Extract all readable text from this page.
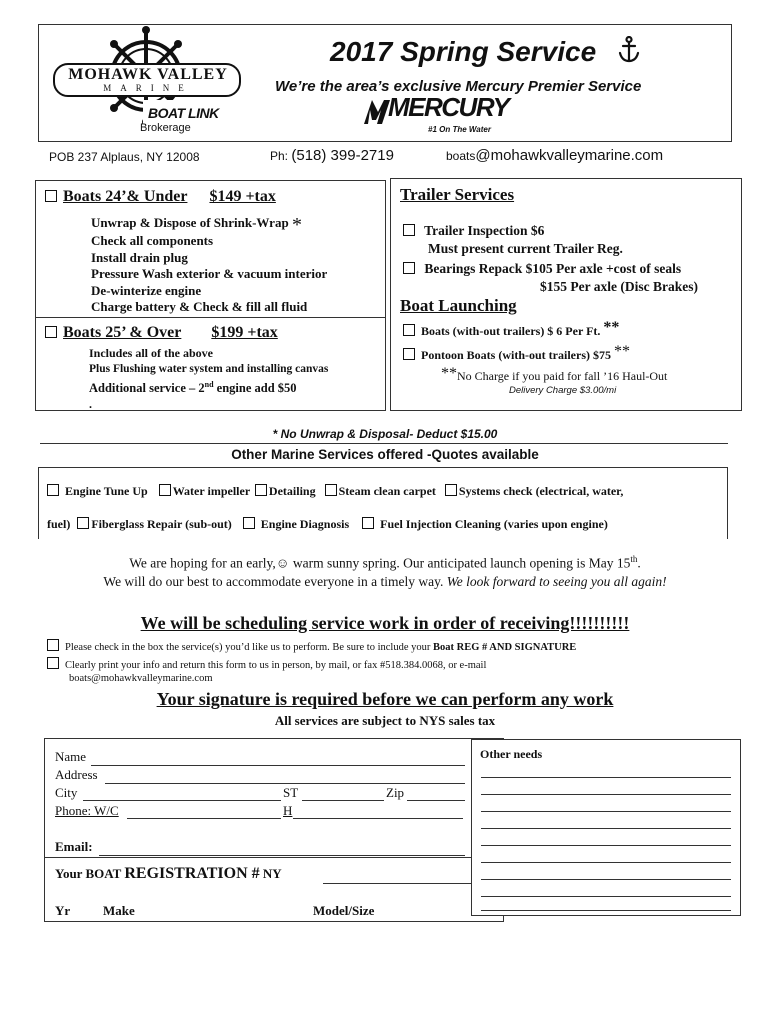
MOHAWK VALLEY
MARINE
BOAT LINK
Brokerage
2017 Spring Service
We’re the area’s exclusive Mercury Premier Service
MERCURY
#1 On The Water
POB 237 Alplaus, NY 12008	Ph: (518) 399-2719	boats@mohawkvalleymarine.com
Boats 24’& Under $149 +tax
Unwrap & Dispose of Shrink-Wrap *
Check all components
Install drain plug
Pressure Wash exterior & vacuum interior
De-winterize engine
Charge battery & Check & fill all fluid
Boats 25’ & Over $199 +tax
Includes all of the above
Plus Flushing water system and installing canvas
Additional service – 2nd engine add $50
.
Trailer Services
Trailer Inspection $6
Must present current Trailer Reg.
Bearings Repack $105 Per axle +cost of seals
$155 Per axle (Disc Brakes)
Boat Launching
Boats (with-out trailers) $ 6 Per Ft. **
Pontoon Boats (with-out trailers) $75 **
**No Charge if you paid for fall ’16 Haul-Out
Delivery Charge $3.00/mi
* No Unwrap & Disposal- Deduct $15.00
Other Marine Services offered -Quotes available
Engine Tune Up Water impeller Detailing Steam clean carpet Systems check (electrical, water,
fuel) Fiberglass Repair (sub-out) Engine Diagnosis	Fuel Injection Cleaning (varies upon engine)
We are hoping for an early,☺ warm sunny spring. Our anticipated launch opening is May 15th.
We will do our best to accommodate everyone in a timely way. We look forward to seeing you all again!
We will be scheduling service work in order of receiving!!!!!!!!!!
Please check in the box the service(s) you’d like us to perform. Be sure to include your Boat REG # AND SIGNATURE
Clearly print your info and return this form to us in person, by mail, or fax #518.384.0068, or e-mail
boats@mohawkvalleymarine.com
Your signature is required before we can perform any work
All services are subject to NYS sales tax
Name
Address
City	ST	Zip
Phone: W/C	H
Email:
Your BOAT REGISTRATION # NY
Yr	Make	Model/Size
Other needs
